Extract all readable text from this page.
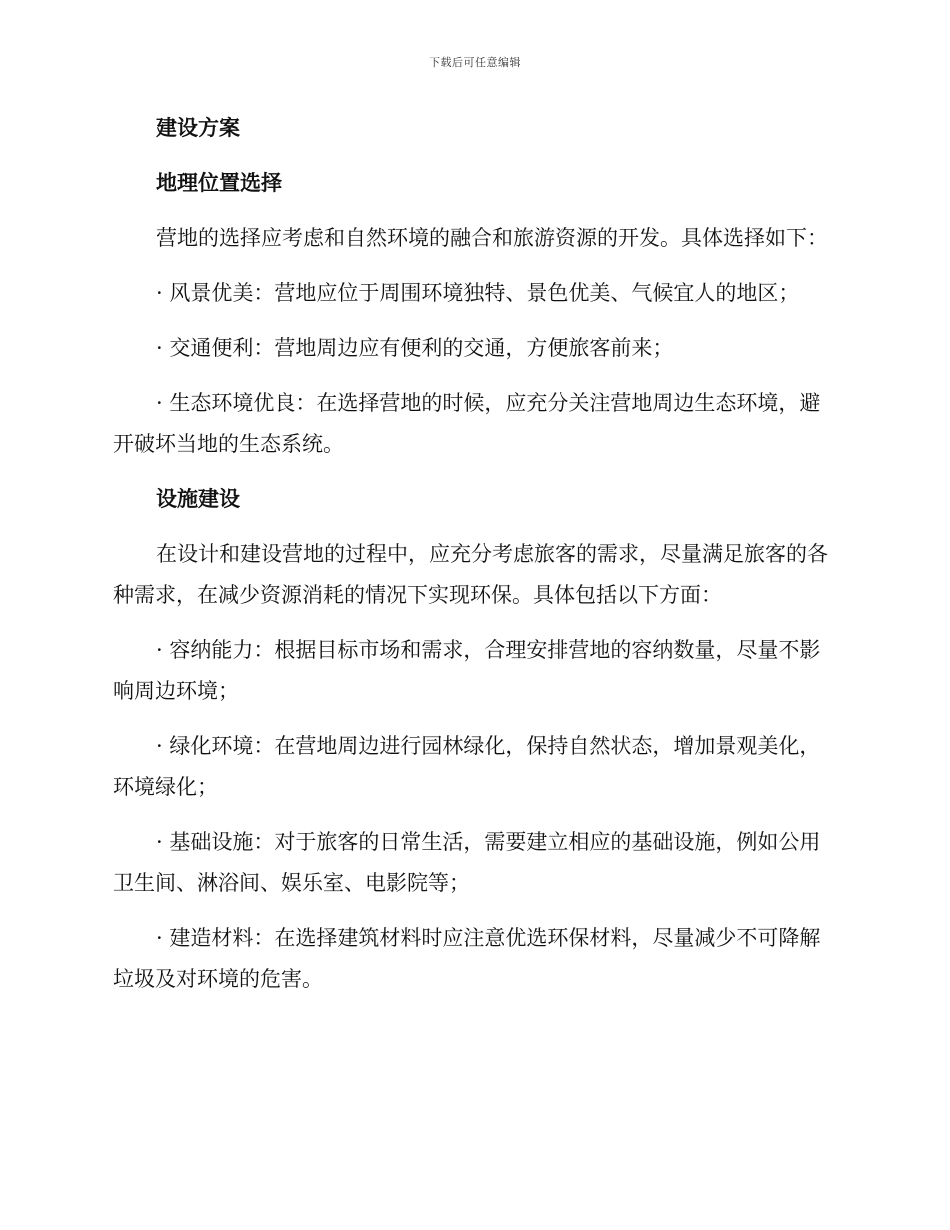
下载后可任意编辑
建设方案
地理位置选择
营地的选择应考虑和自然环境的融合和旅游资源的开发。具体选择如下：
· 风景优美：营地应位于周围环境独特、景色优美、气候宜人的地区；
· 交通便利：营地周边应有便利的交通，方便旅客前来；
· 生态环境优良：在选择营地的时候，应充分关注营地周边生态环境，避开破坏当地的生态系统。
设施建设
在设计和建设营地的过程中，应充分考虑旅客的需求，尽量满足旅客的各种需求，在减少资源消耗的情况下实现环保。具体包括以下方面：
· 容纳能力：根据目标市场和需求，合理安排营地的容纳数量，尽量不影响周边环境；
· 绿化环境：在营地周边进行园林绿化，保持自然状态，增加景观美化，环境绿化；
· 基础设施：对于旅客的日常生活，需要建立相应的基础设施，例如公用卫生间、淋浴间、娱乐室、电影院等；
· 建造材料：在选择建筑材料时应注意优选环保材料，尽量减少不可降解垃圾及对环境的危害。
